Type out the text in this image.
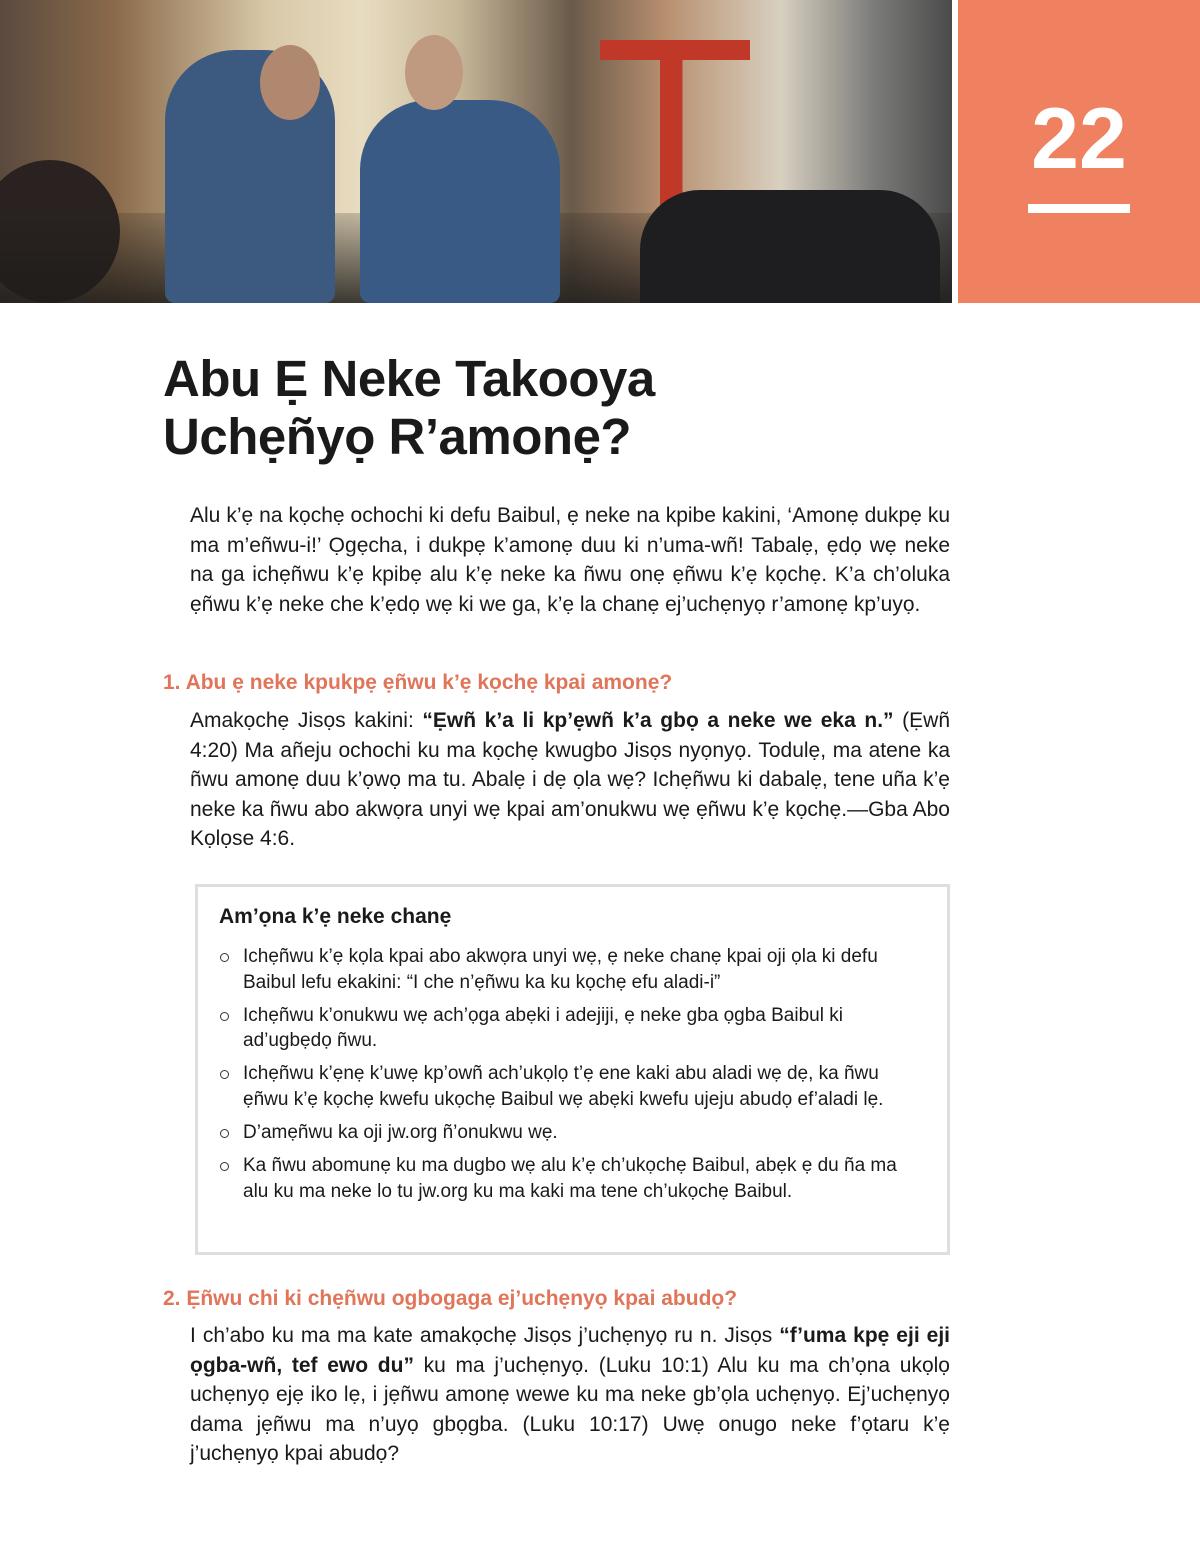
22
Abu Ẹ Neke Takooya
Uchẹñyọ R’amonẹ?

Alu k’ẹ na kọchẹ ochochi ki defu Baibul, ẹ neke na kpibe kakini, ‘Amonẹ dukpẹ ku ma m’eñwu-i!’ Ọgẹcha, i dukpẹ k’amonẹ duu ki n’uma-wñ! Tabalẹ, ẹdọ wẹ neke na ga ichẹñwu k’ẹ kpibẹ alu k’ẹ neke ka ñwu onẹ ẹñwu k’ẹ kọchẹ. K’a ch’oluka ẹñwu k’ẹ neke che k’ẹdọ wẹ ki we ga, k’ẹ la chanẹ ej’uchẹnyọ r’amonẹ kp’uyọ.

1. Abu ẹ neke kpukpẹ ẹñwu k’ẹ kọchẹ kpai amonẹ?

Amakọchẹ Jisọs kakini: “Ẹwñ k’a li kp’ẹwñ k’a gbọ a neke we eka n.” (Ẹwñ 4:20) Ma añeju ochochi ku ma kọchẹ kwugbo Jisọs nyọnyọ. Todulẹ, ma atene ka ñwu amonẹ duu k’ọwọ ma tu. Abalẹ i dẹ ọla wẹ? Ichẹñwu ki dabalẹ, tene uña k’ẹ neke ka ñwu abo akwọra unyi wẹ kpai am’onukwu wẹ ẹñwu k’ẹ kọchẹ.—Gba Abo Kọlọse 4:6.

Am’ọna k’ẹ neke chanẹ
Ichẹñwu k’ẹ kọla kpai abo akwọra unyi wẹ, ẹ neke chanẹ kpai oji ọla ki defu Baibul lefu ekakini: “I che n’ẹñwu ka ku kọchẹ efu aladi-i”
Ichẹñwu k’onukwu wẹ ach’ọga abẹki i adejiji, ẹ neke gba ọgba Baibul ki ad’ugbẹdọ ñwu.
Ichẹñwu k’ẹnẹ k’uwẹ kp’owñ ach’ukọlọ t’ẹ ene kaki abu aladi wẹ dẹ, ka ñwu ẹñwu k’ẹ kọchẹ kwefu ukọchẹ Baibul wẹ abẹki kwefu ujeju abudọ ef’aladi lẹ.
D’amẹñwu ka oji jw.org ñ’onukwu wẹ.
Ka ñwu abomunẹ ku ma dugbo wẹ alu k’ẹ ch’ukọchẹ Baibul, abẹk ẹ du ña ma alu ku ma neke lo tu jw.org ku ma kaki ma tene ch’ukọchẹ Baibul.
2. Ẹñwu chi ki chẹñwu ogbogaga ej’uchẹnyọ kpai abudọ?

I ch’abo ku ma ma kate amakọchẹ Jisọs j’uchẹnyọ ru n. Jisọs “f’uma kpẹ eji eji ọgba-wñ, tef ewo du” ku ma j’uchẹnyọ. (Luku 10:1) Alu ku ma ch’ọna ukọlọ uchẹnyọ ejẹ iko lẹ, i jẹñwu amonẹ wewe ku ma neke gb’ọla uchẹnyọ. Ej’uchẹnyọ dama jẹñwu ma n’uyọ gbọgba. (Luku 10:17) Uwẹ onugo neke f’ọtaru k’ẹ j’uchẹnyọ kpai abudọ?
